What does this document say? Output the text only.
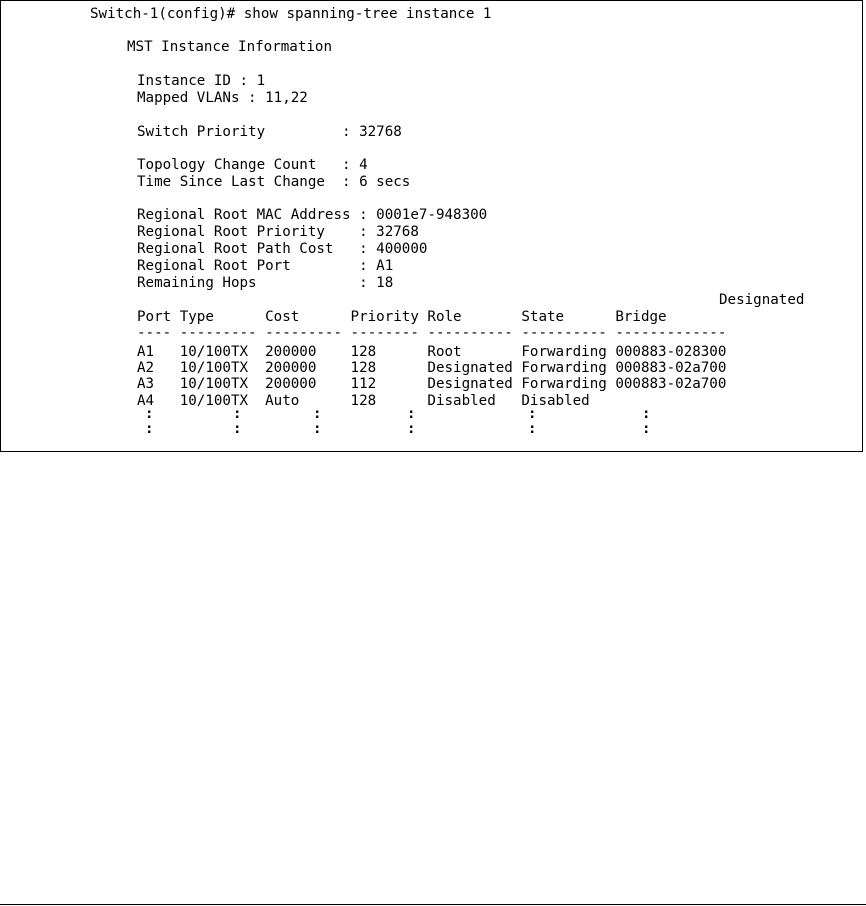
Switch-1(config)# show spanning-tree instance 1

MST Instance Information

Instance ID : 1

Mapped VLANs : 11,22

Switch Priority         : 32768

Topology Change Count   : 4

Time Since Last Change  : 6 secs

Regional Root MAC Address : 0001e7-948300

Regional Root Priority    : 32768

Regional Root Path Cost   : 400000

Regional Root Port        : A1

Remaining Hops            : 18

Designated

Port Type      Cost      Priority Role       State      Bridge

---- --------- --------- -------- ---------- ---------- -------------

A1   10/100TX  200000    128      Root       Forwarding 000883-028300

A2   10/100TX  200000    128      Designated Forwarding 000883-02a700

A3   10/100TX  200000    112      Designated Forwarding 000883-02a700

A4   10/100TX  Auto      128      Disabled   Disabled

:
:
:
:
:
:
:
:
:
:
:
:
